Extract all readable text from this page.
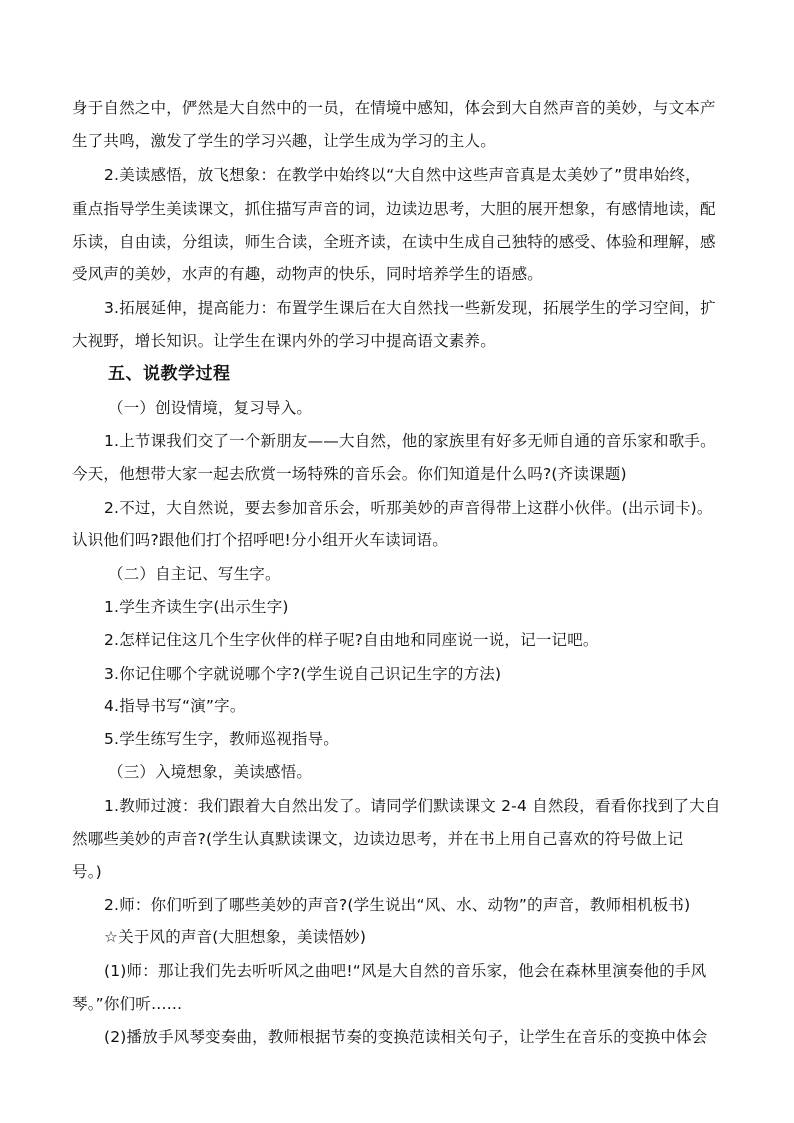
身于自然之中，俨然是大自然中的一员，在情境中感知，体会到大自然声音的美妙，与文本产
生了共鸣，激发了学生的学习兴趣，让学生成为学习的主人。
2.美读感悟，放飞想象：在教学中始终以“大自然中这些声音真是太美妙了”贯串始终，
重点指导学生美读课文，抓住描写声音的词，边读边思考，大胆的展开想象，有感情地读，配
乐读，自由读，分组读，师生合读，全班齐读，在读中生成自己独特的感受、体验和理解，感
受风声的美妙，水声的有趣，动物声的快乐，同时培养学生的语感。
3.拓展延伸，提高能力：布置学生课后在大自然找一些新发现，拓展学生的学习空间，扩
大视野，增长知识。让学生在课内外的学习中提高语文素养。
五、说教学过程
（一）创设情境，复习导入。
1.上节课我们交了一个新朋友——大自然，他的家族里有好多无师自通的音乐家和歌手。
今天，他想带大家一起去欣赏一场特殊的音乐会。你们知道是什么吗?(齐读课题)
2.不过，大自然说，要去参加音乐会，听那美妙的声音得带上这群小伙伴。(出示词卡)。
认识他们吗?跟他们打个招呼吧!分小组开火车读词语。
（二）自主记、写生字。
1.学生齐读生字(出示生字)
2.怎样记住这几个生字伙伴的样子呢?自由地和同座说一说，记一记吧。
3.你记住哪个字就说哪个字?(学生说自己识记生字的方法)
4.指导书写“演”字。
5.学生练写生字，教师巡视指导。
（三）入境想象，美读感悟。
1.教师过渡：我们跟着大自然出发了。请同学们默读课文 2-4 自然段，看看你找到了大自
然哪些美妙的声音?(学生认真默读课文，边读边思考，并在书上用自己喜欢的符号做上记
号。)
2.师：你们听到了哪些美妙的声音?(学生说出“风、水、动物”的声音，教师相机板书)
☆关于风的声音(大胆想象，美读悟妙)
(1)师：那让我们先去听听风之曲吧!“风是大自然的音乐家，他会在森林里演奏他的手风
琴。”你们听……
(2)播放手风琴变奏曲，教师根据节奏的变换范读相关句子，让学生在音乐的变换中体会
